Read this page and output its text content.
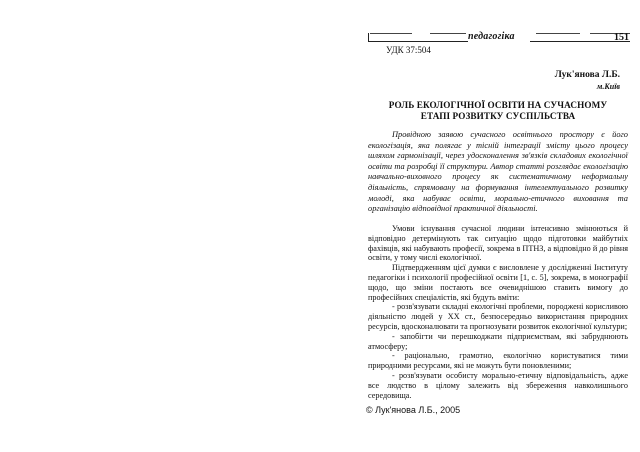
педагогіка	151
УДК 37:504
Лук'янова Л.Б.
м.Київ
РОЛЬ ЕКОЛОГІЧНОЇ ОСВІТИ НА СУЧАСНОМУ
ЕТАПІ РОЗВИТКУ СУСПІЛЬСТВА

Провідною заявою сучасного освітнього простору є його екологізація, яка полягає у тісній інтеграції змісту цього процесу шляхом гармонізації, через удосконалення зв'язків складових екологічної освіти та розробці її структури. Автор статті розглядає екологізацію навчально-виховного процесу як систематичному неформальну діяльність, спрямовану на формування інтелектуального розвитку молоді, яка набуває освіти, морально-етичного виховання та організацію відповідної практичної діяльності.

Умови існування сучасної людини інтенсивно змінюються й відповідно детермінують так ситуацію щодо підготовки майбутніх фахівців, які набувають професії, зокрема в ПТНЗ, а відповідно й до рівня освіти, у тому числі екологічної.

Підтвердженням цієї думки є висловлене у дослідженні Інституту педагогіки і психології професійної освіти [1, с. 5], зокрема, в монографії щодо, що зміни постають все очевиднішою ставить вимогу до професійних спеціалістів, які будуть вміти:

- розв'язувати складні екологічні проблеми, породжені корисливою діяльністю людей у XX ст., безпосередньо використання природних ресурсів, вдосконалювати та прогнозувати розвиток екологічної культури;

- запобігти чи перешкоджати підприємствам, які забруднюють атмосферу;

- раціонально, грамотно, екологічно користуватися тими природними ресурсами, які не можуть бути поновленими;

- розв'язувати особисту морально-етичну відповідальність, адже все людство в цілому залежить від збереження навколишнього середовища.

© Лук'янова Л.Б., 2005
